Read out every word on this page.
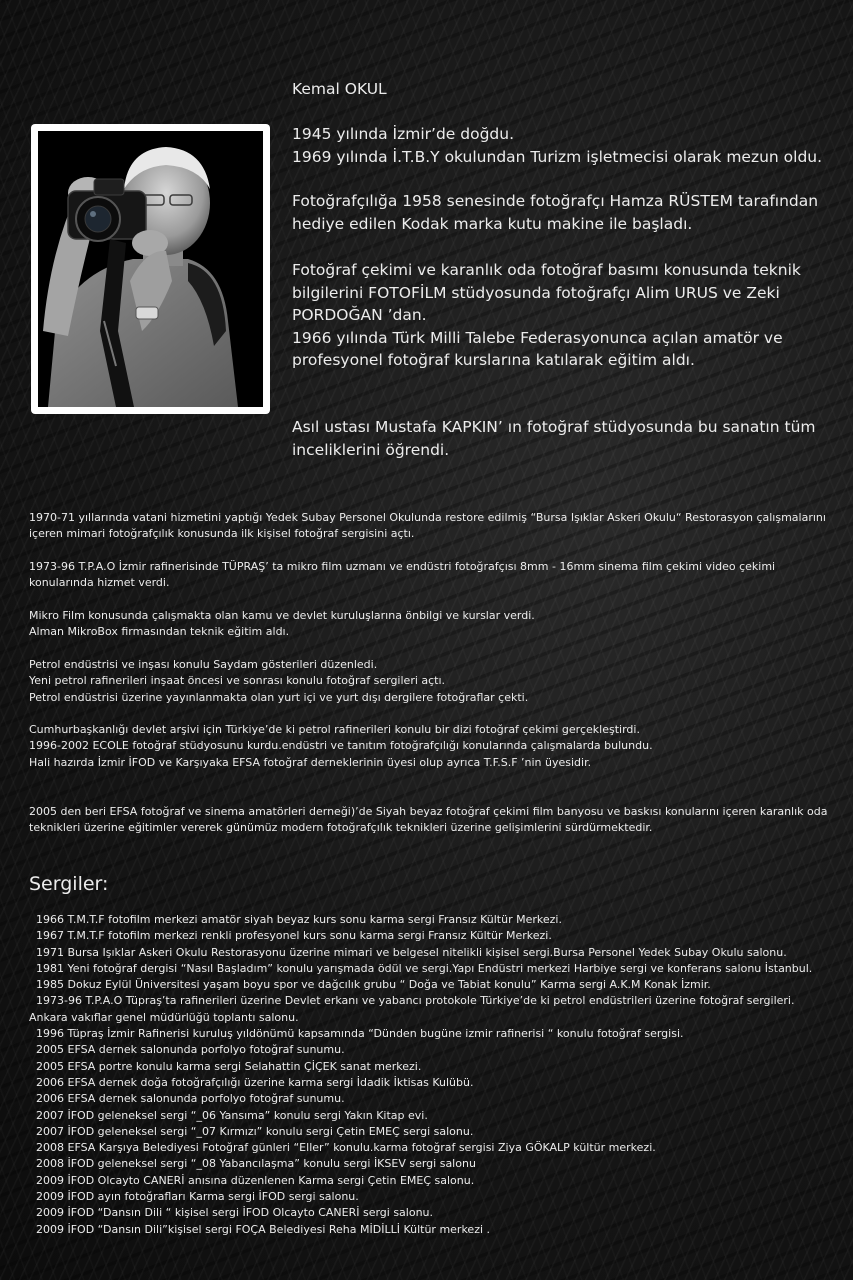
Kemal OKUL

1945 yılında İzmir’de doğdu.

1969 yılında İ.T.B.Y okulundan Turizm işletmecisi olarak mezun oldu.

Fotoğrafçılığa 1958 senesinde fotoğrafçı Hamza RÜSTEM tarafından hediye edilen Kodak marka kutu makine ile başladı.

Fotoğraf çekimi ve karanlık oda fotoğraf basımı konusunda teknik bilgilerini FOTOFİLM stüdyosunda fotoğrafçı Alim URUS ve Zeki PORDOĞAN ’dan.

1966 yılında Türk Milli Talebe Federasyonunca açılan amatör ve profesyonel fotoğraf kurslarına katılarak eğitim aldı.

Asıl ustası Mustafa KAPKIN’ ın fotoğraf stüdyosunda bu sanatın tüm inceliklerini öğrendi.

1970-71 yıllarında vatani hizmetini yaptığı Yedek Subay Personel Okulunda restore edilmiş “Bursa Işıklar Askeri Okulu“ Restorasyon çalışmalarını içeren mimari fotoğrafçılık konusunda ilk kişisel fotoğraf sergisini açtı.

1973-96 T.P.A.O İzmir rafinerisinde TÜPRAŞ’ ta mikro film uzmanı ve endüstri fotoğrafçısı 8mm - 16mm sinema film çekimi video çekimi konularında hizmet verdi.

Mikro Film konusunda çalışmakta olan kamu ve devlet kuruluşlarına önbilgi ve kurslar verdi.

Alman MikroBox firmasından teknik eğitim aldı.

Petrol endüstrisi ve inşası konulu Saydam gösterileri düzenledi.

Yeni petrol rafinerileri inşaat öncesi ve sonrası konulu fotoğraf sergileri açtı.

Petrol endüstrisi üzerine yayınlanmakta olan yurt içi ve yurt dışı dergilere fotoğraflar çekti.

Cumhurbaşkanlığı devlet arşivi için Türkiye’de ki petrol rafinerileri konulu bir dizi fotoğraf çekimi gerçekleştirdi.

1996-2002 ECOLE fotoğraf stüdyosunu kurdu.endüstri ve tanıtım fotoğrafçılığı konularında çalışmalarda bulundu.

Hali hazırda İzmir İFOD ve Karşıyaka EFSA fotoğraf derneklerinin üyesi olup ayrıca T.F.S.F ’nin üyesidir.

2005 den beri EFSA fotoğraf ve sinema amatörleri derneği)’de Siyah beyaz fotoğraf çekimi film banyosu ve baskısı konularını içeren karanlık oda teknikleri üzerine eğitimler vererek günümüz modern fotoğrafçılık teknikleri üzerine gelişimlerini sürdürmektedir.

Sergiler:
1966 T.M.T.F fotofilm merkezi amatör siyah beyaz kurs sonu karma sergi Fransız Kültür Merkezi.
1967 T.M.T.F fotofilm merkezi renkli profesyonel kurs sonu karma sergi Fransız Kültür Merkezi.
1971 Bursa Işıklar Askeri Okulu Restorasyonu üzerine mimari ve belgesel nitelikli kişisel sergi.Bursa Personel Yedek Subay Okulu salonu.
1981 Yeni fotoğraf dergisi “Nasıl Başladım” konulu yarışmada ödül ve sergi.Yapı Endüstri merkezi Harbiye sergi ve konferans salonu İstanbul.
1985 Dokuz Eylül Üniversitesi yaşam boyu spor ve dağcılık grubu “ Doğa ve Tabiat konulu” Karma sergi A.K.M Konak İzmir.
1973-96 T.P.A.O Tüpraş’ta rafinerileri üzerine Devlet erkanı ve yabancı protokole Türkiye’de ki petrol endüstrileri üzerine fotoğraf sergileri.
Ankara vakıflar genel müdürlüğü toplantı salonu.
1996 Tüpraş İzmir Rafinerisi kuruluş yıldönümü kapsamında “Dünden bugüne izmir rafinerisi “ konulu fotoğraf sergisi.
2005 EFSA dernek salonunda porfolyo fotoğraf sunumu.
2005 EFSA portre konulu karma sergi Selahattin ÇİÇEK sanat merkezi.
2006 EFSA dernek doğa fotoğrafçılığı üzerine karma sergi İdadik İktisas Kulübü.
2006 EFSA dernek salonunda porfolyo fotoğraf sunumu.
2007 İFOD geleneksel sergi “_06 Yansıma” konulu sergi Yakın Kitap evi.
2007 İFOD geleneksel sergi “_07 Kırmızı” konulu sergi Çetin EMEÇ sergi salonu.
2008 EFSA Karşıya Belediyesi Fotoğraf günleri “Eller” konulu.karma fotoğraf sergisi Ziya GÖKALP kültür merkezi.
2008 İFOD geleneksel sergi “_08 Yabancılaşma” konulu sergi İKSEV sergi salonu
2009 İFOD Olcayto CANERİ anısına düzenlenen Karma sergi Çetin EMEÇ salonu.
2009 İFOD ayın fotoğrafları Karma sergi İFOD sergi salonu.
2009 İFOD “Dansın Dili “ kişisel sergi İFOD Olcayto CANERİ sergi salonu.
2009 İFOD “Dansın Dili”kişisel sergi FOÇA Belediyesi Reha MİDİLLİ Kültür merkezi .
